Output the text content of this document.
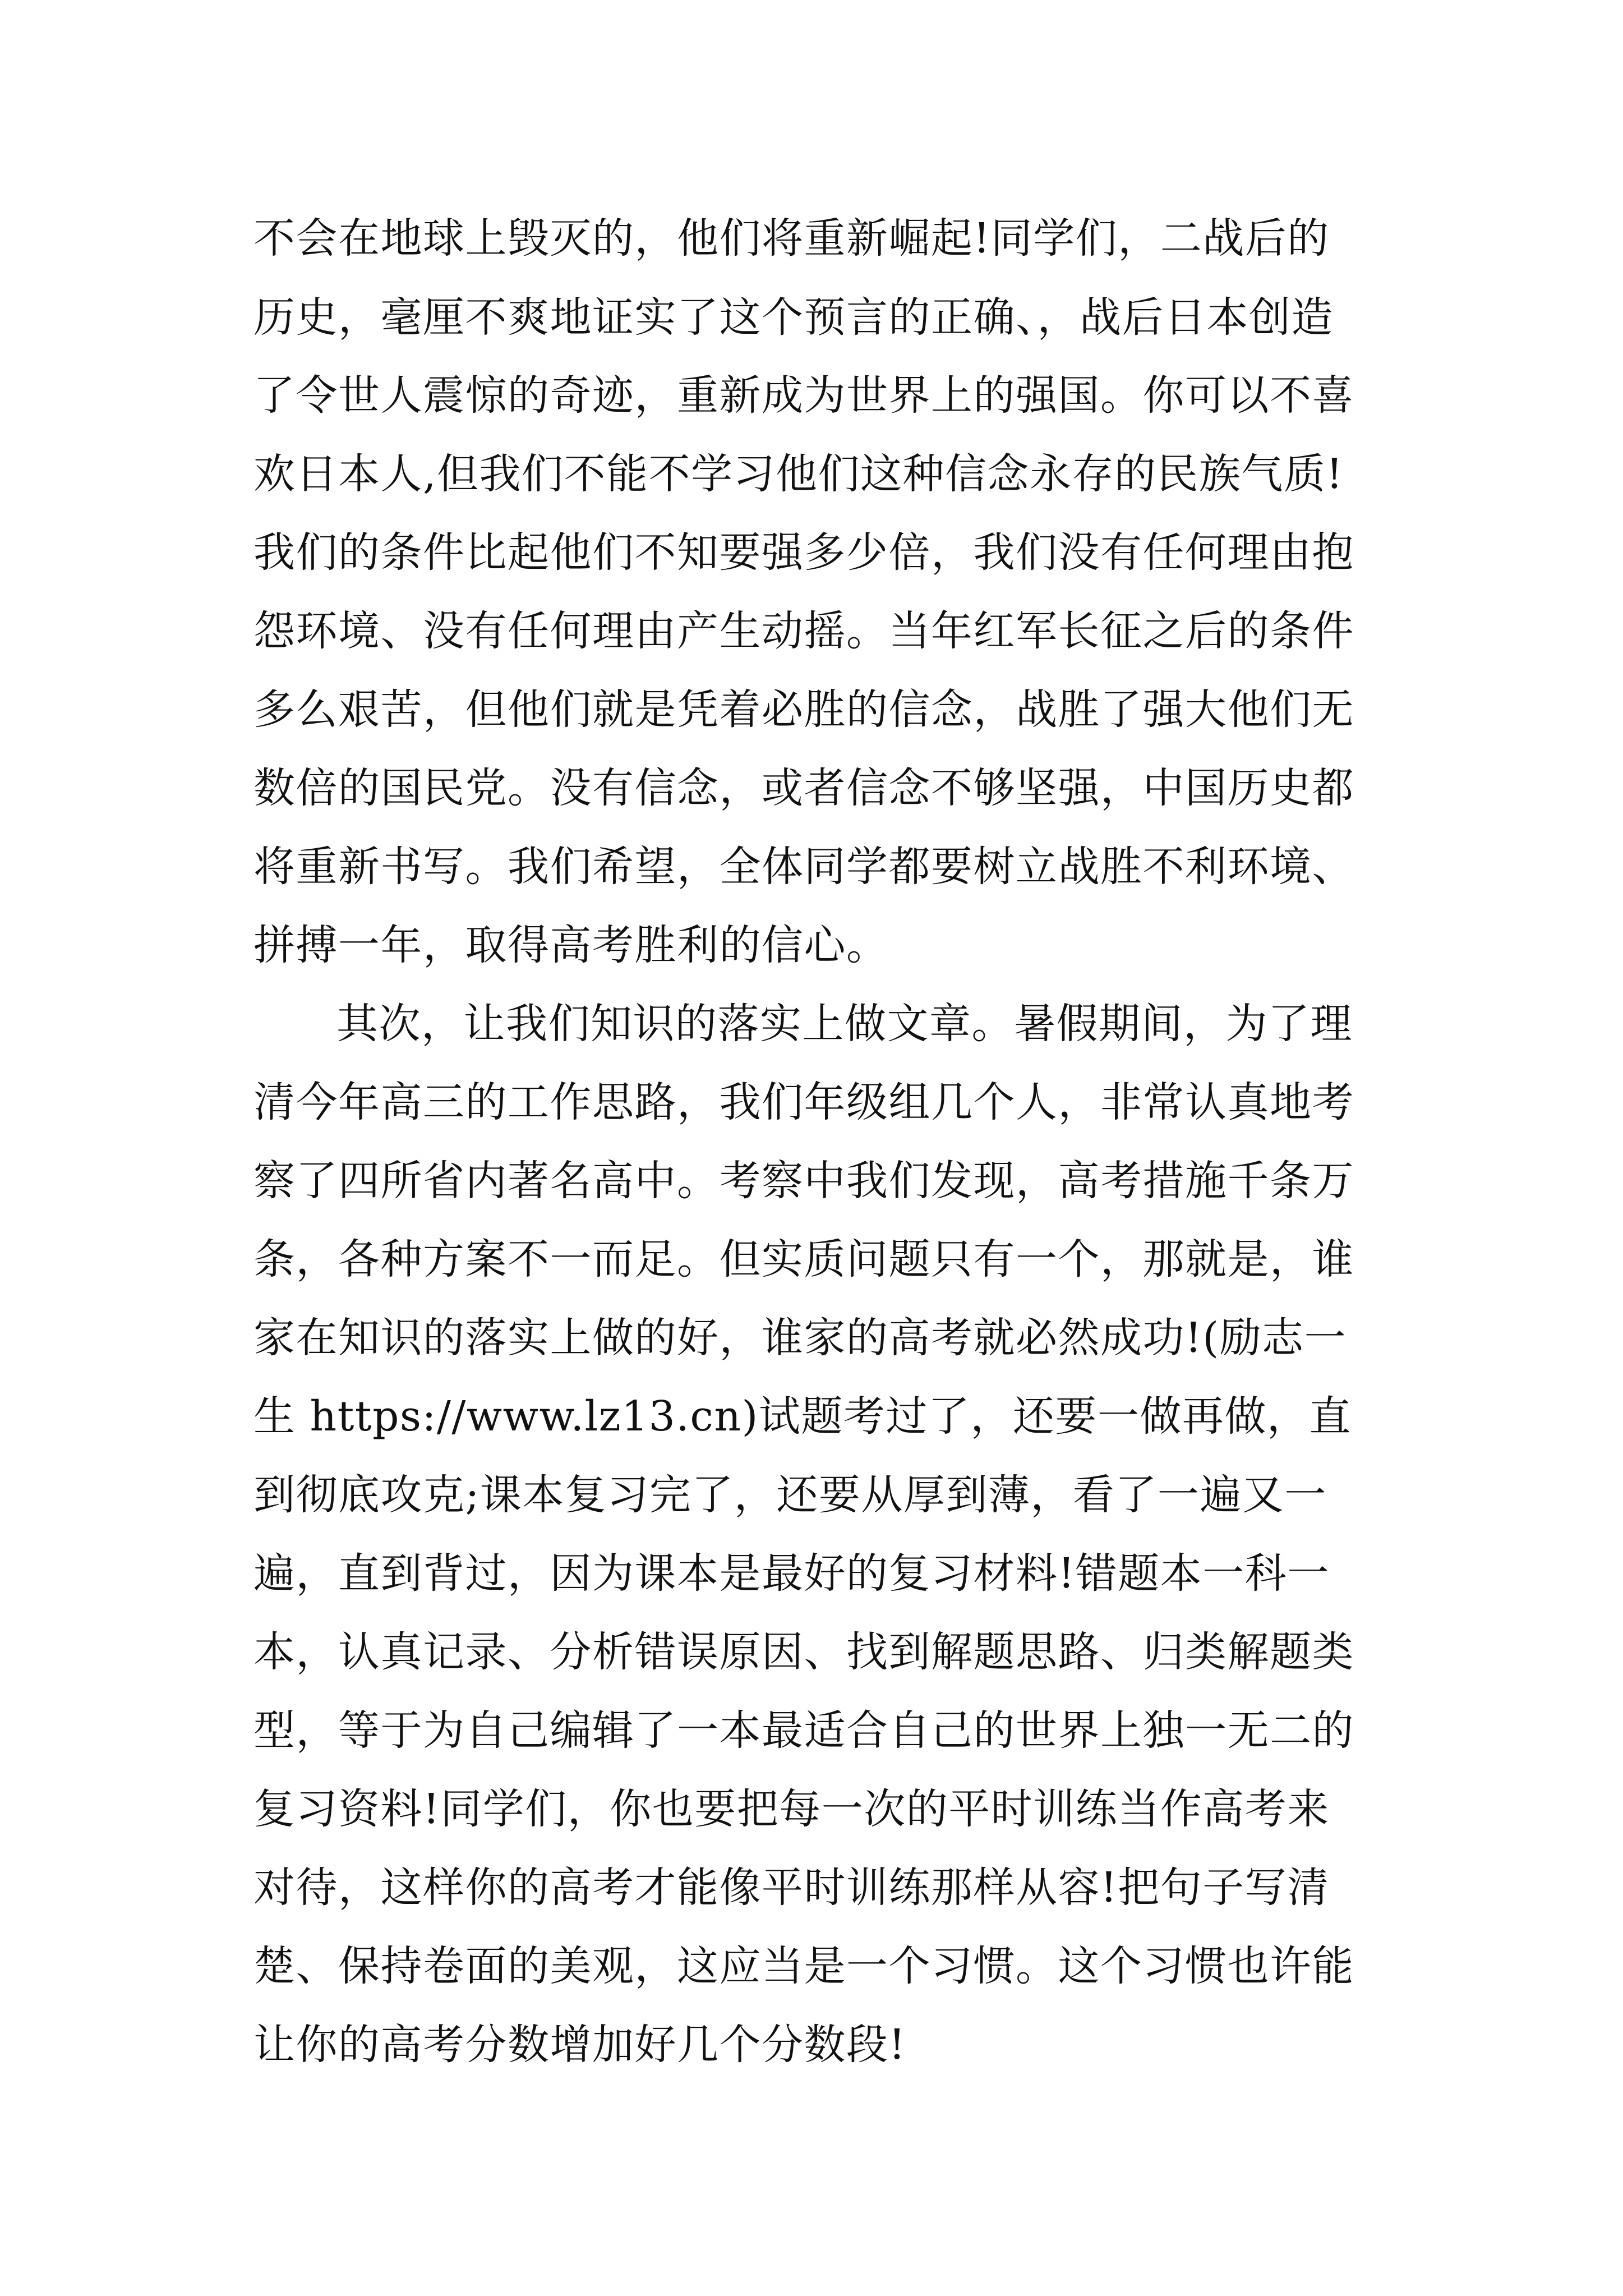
不会在地球上毁灭的，他们将重新崛起!同学们，二战后的
历史，毫厘不爽地证实了这个预言的正确、，战后日本创造
了令世人震惊的奇迹，重新成为世界上的强国。你可以不喜
欢日本人,但我们不能不学习他们这种信念永存的民族气质!
我们的条件比起他们不知要强多少倍，我们没有任何理由抱
怨环境、没有任何理由产生动摇。当年红军长征之后的条件
多么艰苦，但他们就是凭着必胜的信念，战胜了强大他们无
数倍的国民党。没有信念，或者信念不够坚强，中国历史都
将重新书写。我们希望，全体同学都要树立战胜不利环境、
拼搏一年，取得高考胜利的信心。
其次，让我们知识的落实上做文章。暑假期间，为了理
清今年高三的工作思路，我们年级组几个人，非常认真地考
察了四所省内著名高中。考察中我们发现，高考措施千条万
条，各种方案不一而足。但实质问题只有一个，那就是，谁
家在知识的落实上做的好，谁家的高考就必然成功!(励志一
生 https://www.lz13.cn)试题考过了，还要一做再做，直
到彻底攻克;课本复习完了，还要从厚到薄，看了一遍又一
遍，直到背过，因为课本是最好的复习材料!错题本一科一
本，认真记录、分析错误原因、找到解题思路、归类解题类
型，等于为自己编辑了一本最适合自己的世界上独一无二的
复习资料!同学们，你也要把每一次的平时训练当作高考来
对待，这样你的高考才能像平时训练那样从容!把句子写清
楚、保持卷面的美观，这应当是一个习惯。这个习惯也许能
让你的高考分数增加好几个分数段!
